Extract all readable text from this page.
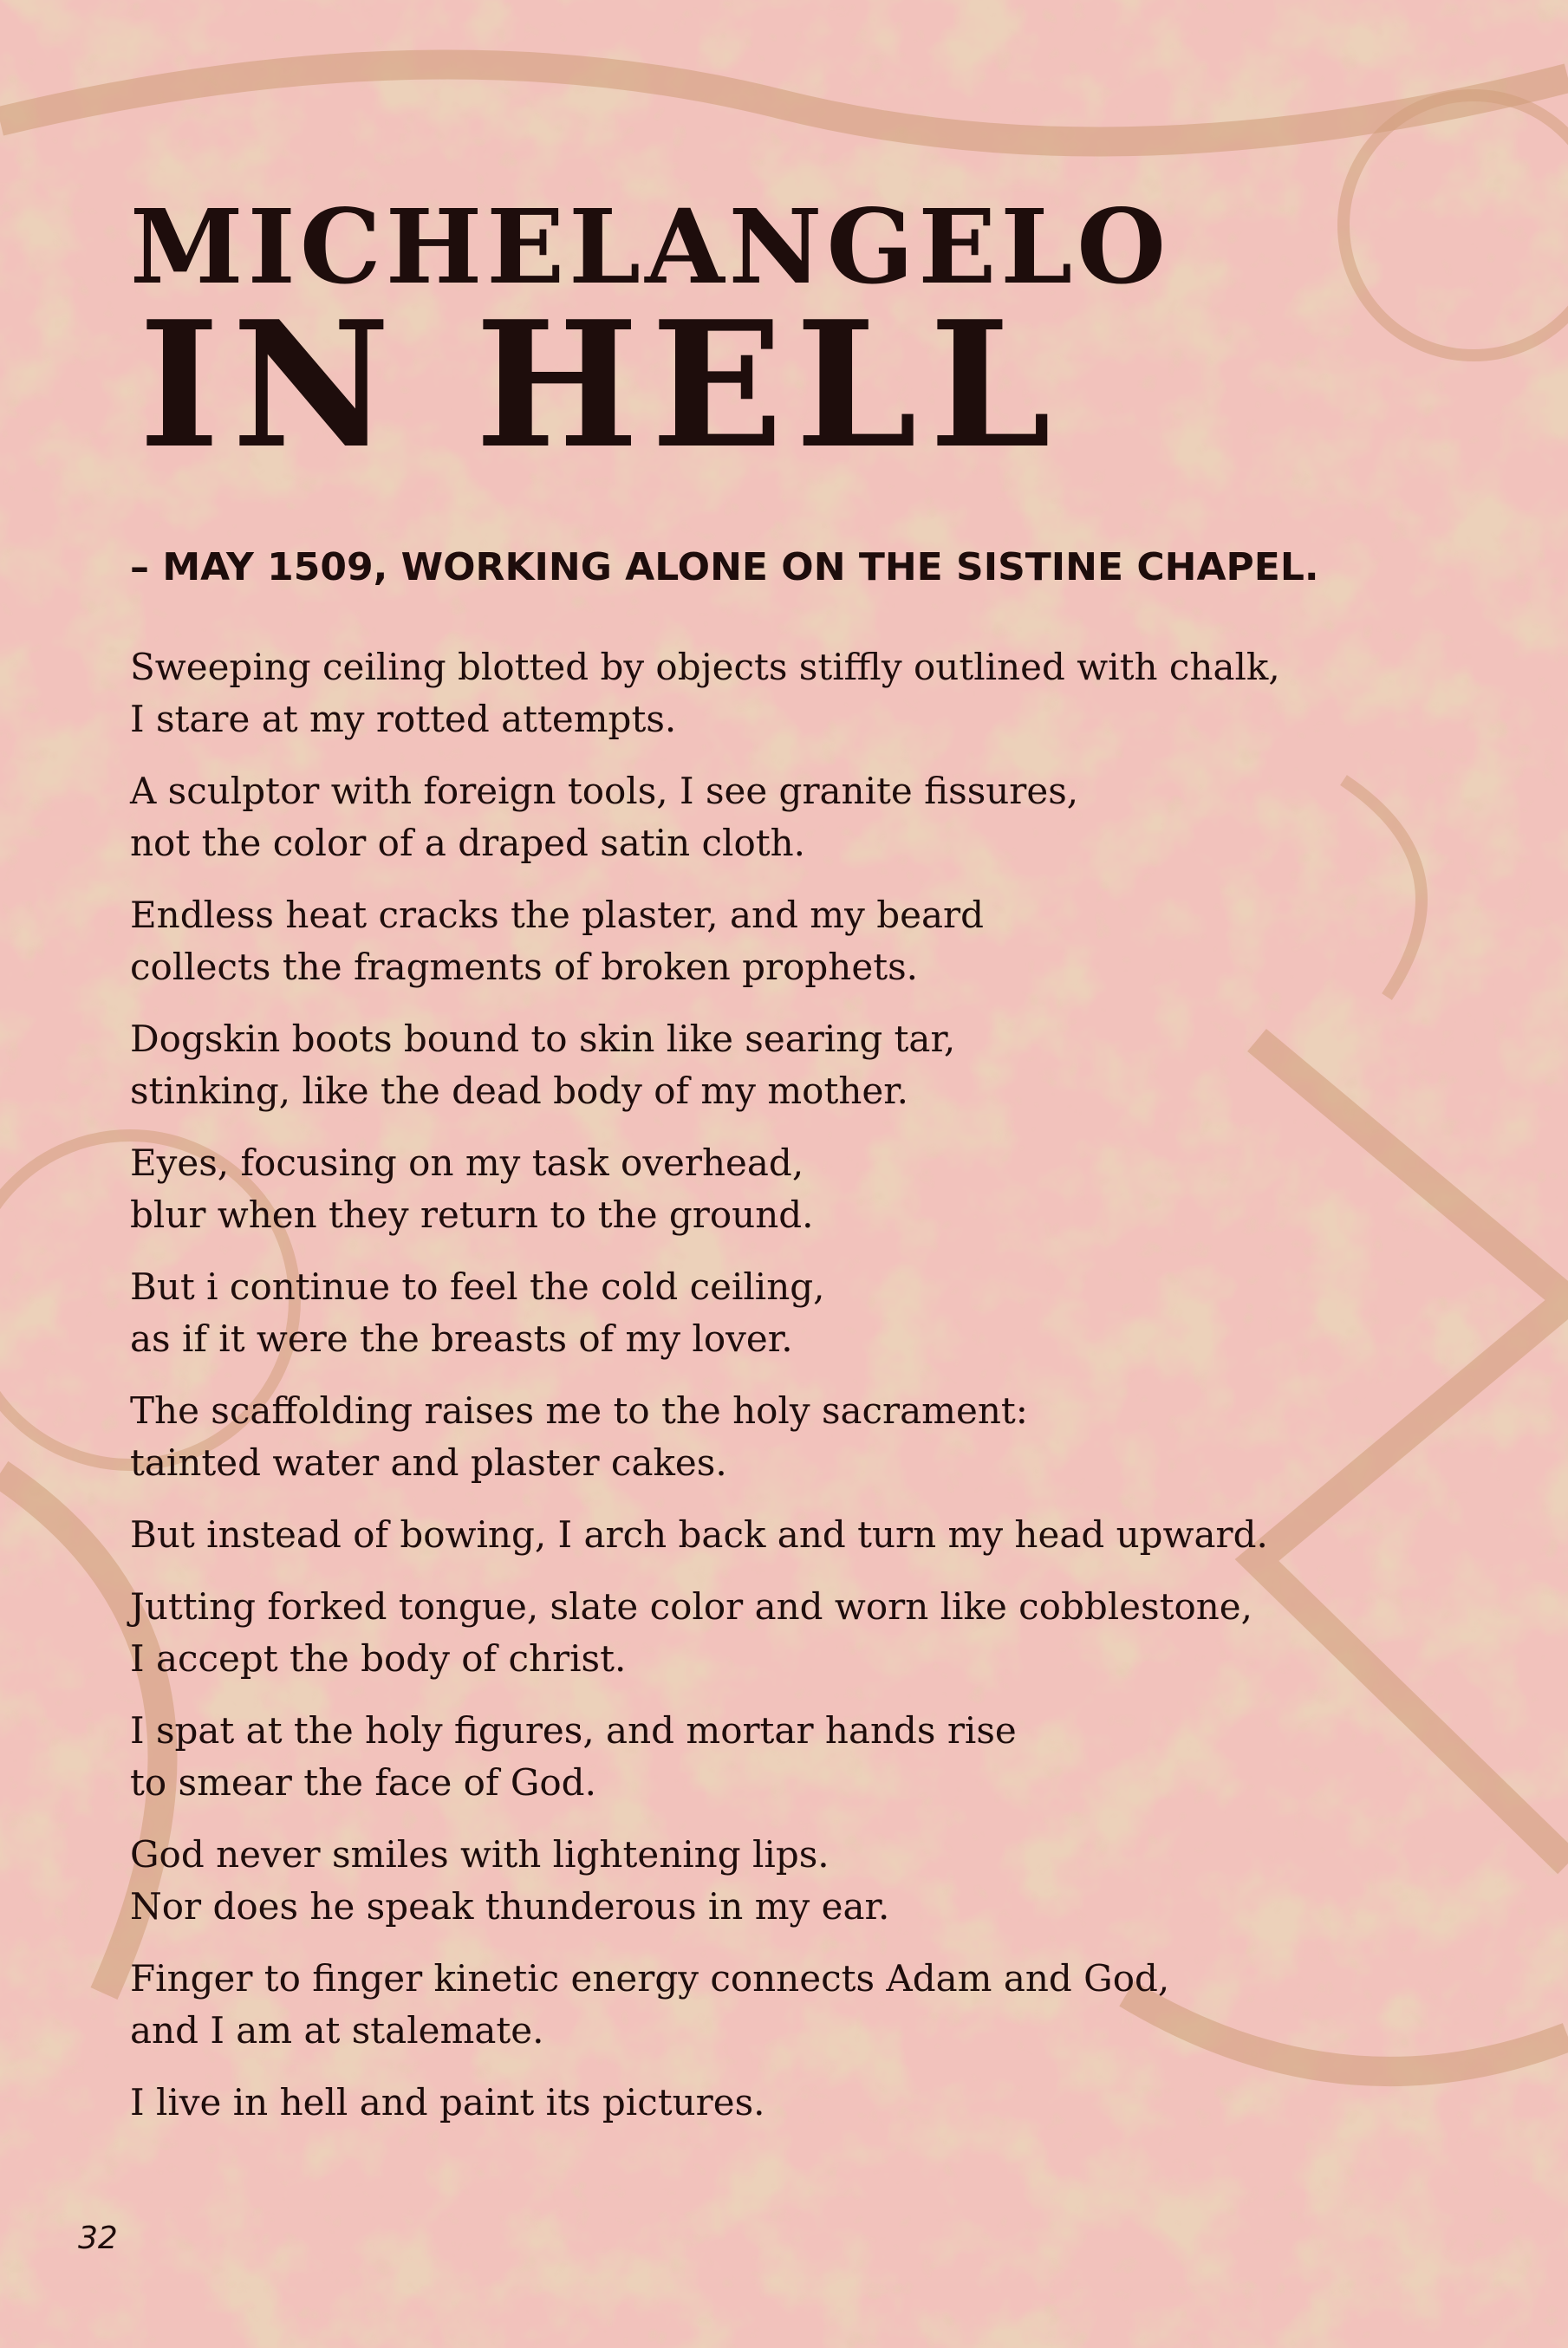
MICHELANGELO
IN HELL
– MAY 1509, WORKING ALONE ON THE SISTINE CHAPEL.
Sweeping ceiling blotted by objects stiffly outlined with chalk,
I stare at my rotted attempts.
A sculptor with foreign tools, I see granite fissures,
not the color of a draped satin cloth.
Endless heat cracks the plaster, and my beard
collects the fragments of broken prophets.
Dogskin boots bound to skin like searing tar,
stinking, like the dead body of my mother.
Eyes, focusing on my task overhead,
blur when they return to the ground.
But i continue to feel the cold ceiling,
as if it were the breasts of my lover.
The scaffolding raises me to the holy sacrament:
tainted water and plaster cakes.
But instead of bowing, I arch back and turn my head upward.
Jutting forked tongue, slate color and worn like cobblestone,
I accept the body of christ.
I spat at the holy figures, and mortar hands rise
to smear the face of God.
God never smiles with lightening lips.
Nor does he speak thunderous in my ear.
Finger to finger kinetic energy connects Adam and God,
and I am at stalemate.
I live in hell and paint its pictures.
32
